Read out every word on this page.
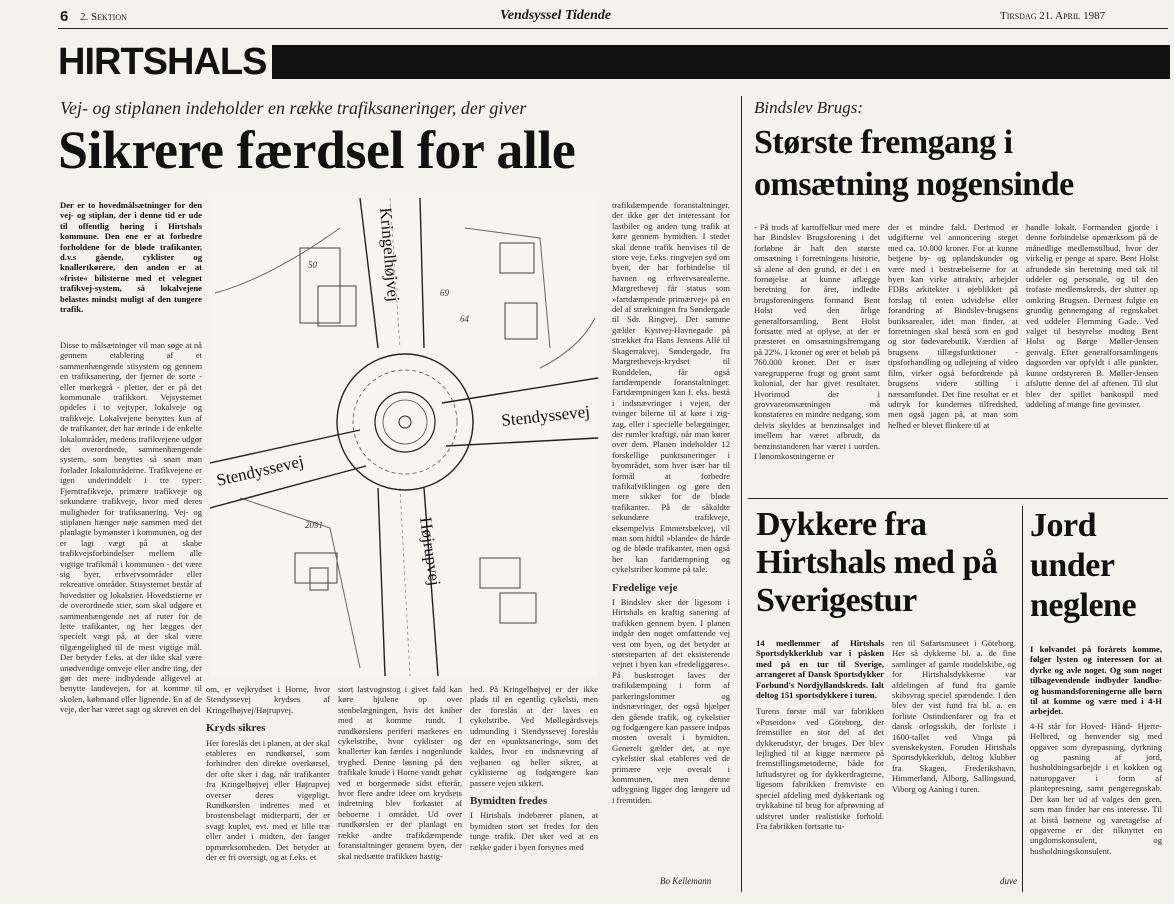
6 2. Sektion	Vendsyssel Tidende	Tirsdag 21. April 1987
HIRTSHALS
Vej- og stiplanen indeholder en række trafiksaneringer, der giver
Sikrere færdsel for alle
Der er to hovedmålsætninger for den vej- og stiplan, der i denne tid er ude til offentlig høring i Hirtshals kommune. Den ene er at forbedre forholdene for de bløde trafikanter, d.v.s gående, cyklister og knallertkørere, den anden er at »friste« bilisterne med et velegnet trafikvej-system, så lokalvejene belastes mindst muligt af den tungere trafik.
Disse to målsætninger vil man søge at nå gennem etablering af et sammenhængende stisystem og gennem en trafiksanering, der fjerner de sorte - eller mørkegrå - pletter, der er på det kommunale trafikkort. Vejsystemet opdeles i to vejtyper, lokalveje og trafikveje. Lokalvejene benyttes kun af de trafikanter, der har ærinde i de enkelte lokalområder, medens trafikvejene udgør det overordnede, sammenhængende system, som benyttes så snart man forlader lokalområderne. Trafikvejene er igen underinddelt i tre typer: Fjerntrafikveje, primære trafikveje og sekundære trafikveje, hvor med deres muligheder for trafiksanering. Vej- og stiplanen hænger nøje sammen med det planlagte bymønster i kommunen, og der er lagt vægt på at skabe trafikvejsforbindelser mellem alle vigtige trafikmål i kommunen - det være sig byer, erhvervsområder eller rekreative områder. Stisystemet består af hovedstier og lokalstier. Hovedstierne er de overordnede stier, som skal udgøre et sammenhængende net af ruter for de lette trafikanter, og her lægges der specielt vægt på, at der skal være tilgængelighed til de mest vigtige mål. Der betyder f.eks. at der ikke skal være unødvendige omveje eller andre ting, der gør det mere indbydende alligevel at benytte landevejen, for at komme til skolen, købmand eller lignende. En af de veje, der har været sagt og skrevet en del
Kringelhøjvej
Højrupvej
Stendyssevej
Stendyssevej
50
69
64
2091
om, er vejkrydset i Horne, hvor Stendyssevej krydses af Kringelhøjvej/Højrupvej.
Kryds sikres
Her foreslås det i planen, at der skal etableres en rundkørsel, som forhindrer den direkte overkørsel, der ofte sker i dag, når trafikanter fra Kringelhøjvej eller Højrupvej overser deres vigepligt. Rundkørslen indrettes med et brostensbelagt midterparti, der er svagt kuplet, evt. med et lille træ eller andet i midten, der fanger opmærksomheden. Det betyder at der er fri oversigt, og at f.eks. et
stort lastvognstog i givet fald kan køre hjulene op over stenbelægningen, hvis det kniber med at komme rundt. I rundkørslens periferi markeres en cykelstribe, hvor cyklister og knallerter kan færdes i nogenlunde tryghed. Denne løsning på den trafikale knude i Horne vandt gehør ved et borgermøde sidst efterår, hvor flere andre ideer om krydsets indretning blev forkastet af beboerne i området. Ud over rundkørslen er der planlagt en række andre trafikdæmpende foranstaltninger gennem byen, der skal nedsætte trafikken hastig-
hed. På Kringelhøjvej er der ikke plads til en egentlig cykelsti, men der foreslås at der laves en cykelstribe. Ved Møllegårdsvejs udmunding i Stendyssevej foreslås der en »punktsanering«, som det kaldes, hvor en indsnævring af vejbanen og heller sikrer, at cyklisterne og fodgængere kan passere vejen sikkert.
Bymidten fredes
I Hirtshals indebærer planen, at bymidten stort set fredes for den tunge trafik. Det sker ved at en række gader i byen forsynes med
trafikdæmpende foranstaltninger, der ikke gør det interessant for lastbiler og anden tung trafik at køre gennem bymidten. I stedet skal denne trafik henvises til de store veje, f.eks. ringvejen syd om byen, der har forbindelse til havnen og erhvervsarealerne. Margrethevej får status som »fartdæmpende primærvej« på en del af strækningen fra Søndergade til Sdr. Ringvej. Det samme gælder Kystvej-Havnegade på strækket fra Hans Jensens Allé til Skagerrakvej. Søndergade, fra Margrethevejs-krydset til Runddelen, får også fartdæmpende foranstaltninger. Fartdæmpningen kan f. eks. bestå i indsnævringer i vejen, der tvinger bilerne til at køre i zig-zag, eller i specielle belægninger, der rumler kraftigt, når man kører over dem. Planen indeholder 12 forskellige punktsaneringer i byområdet, som hver især har til formål at forbedre trafikafviklingen og gøre den mere sikker for de bløde trafikanter. På de såkaldte sekundære trafikveje, eksempelvis Emmersbækvej, vil man som hidtil »blande« de hårde og de bløde trafikanter, men også her kan fartdæmpning og cykelstriber komme på tale.
Fredelige veje
I Bindslev sker der ligesom i Hirtshals en kraftig sanering af trafikken gennem byen. I planen indgår den noget omfattende vej vest om byen, og det betyder at størsteparten af det eksisterende vejnet i byen kan »fredeliggøres«. På buskstroget laves der trafikdæmpning i form af parkeringslommer og indsnævringer, der også hjælper den gående trafik, og cykelstier og fodgængere kan passere indpas mosten overalt i bymidten. Generelt gælder det, at nye cykelstier skal etableres ved de primære veje overalt i kommunen, men denne udbygning ligger dog længere ud i fremtiden.
Bo Kellemann
Bindslev Brugs:
Største fremgang i omsætning nogensinde
- På trods af kartoffelkur med mere har Bindslev Brugsforening i det forløbne år haft den største omsætning i forretningens historie, så alene af den grund, er det i en fornøjelse at kunne aflægge beretning for året, indledte brugsforeningens formand Bent Holst ved den årlige generalforsamling. Bent Holst fortsatte med at oplyse, at der er præsteret en omsætningsfremgang på 22%. I kroner og ører et beløb på 760.000 kroner. Det er især varegrupperne frugt og grønt samt kolonial, der har givet resultatet. Hvorimod der i grovvareomsætningen må konstateres en mindre nedgang, som delvis skyldes at benzinsalget ind imellem har været afbrudt, da benzinstanderen har været i uorden. I lønomkostningerne er
der et mindre fald. Derimod er udgifterne vel annoncering steget med ca. 10.000 kroner. For at kunne betjene by- og oplandskunder og være med i bestræbelserne for at byen kan virke attraktiv, arbejder FDBs arkitekter i øjeblikket på forslag til enten udvidelse eller forandring af Bindslev-brugsens butiksarealer, idet man finder, at forretningen skal bestå som en god og stor fødevarebutik. Værdien af brugsens tillægsfunktioner - tipsforhandling og udlejning af video film, virker også befordrende på brugsens videre stilling i nærsamfundet. Det fine resultat er et udtryk for kundernes tilfredshed, men også jagen på, at man som helhed er blevet flinkere til at
handle lokalt. Formanden gjorde i denne forbindelse opmærksom på de månedlige medlemstilbud, hvor der virkelig er penge at spare. Bent Holst afrundede sin beretning med tak til uddeler og personale, og til den trofaste medlemskreds, der slutter op omkring Brugsen. Dernæst fulgte en grundig gennemgang af regnskabet ved uddeler Flemming Gade. Ved valget til bestyrelse modtog Bent Holst og Børge Møller-Jensen genvalg. Efter generalforsamlingens dagsorden var opfyldt i alle punkter, kunne ordstyreren B. Møller-Jensen afslutte denne del af aftenen. Til slut blev der spillet bankospil med uddeling af mange fine gevinster.
Dykkere fra Hirtshals med på Sverigestur
14 medlemmer af Hirtshals Sportsdykkerklub var i påsken med på en tur til Sverige, arrangeret af Dansk Sportsdykker Forbund's Nordjyllandskreds. Ialt deltog 151 sportsdykkere i turen.
Turens første mål var fabrikken »Poseidon« ved Göteborg, der fremstiller en stor del af det dykkerudstyr, der bruges. Der blev lejlighed til at kigge nærmere på fremstillingsmetoderne, både for luftudstyret og for dykkerdragterne, ligesom fabrikken fremviste en speciel afdeling med dykkertank og trykkabine til brug for afprøvning af udstyret under realistiske forhold. Fra fabrikken fortsatte tu-
ren til Søfartsmuseet i Göteborg. Her så dykkerne bl. a. de fine samlinger af gamle modelskibe, og for Hirtshalsdykkerne var afdelingen af fund fra gamle skibsvrag speciel spændende. I den blev der vist fund fra bl. a. en forliste Ostindienfarer og fra et dansk orlogsskib, der forliste i 1600-tallet ved Vinga på svenskekysten. Foruden Hirtshals Sportsdykkerklub, deltog klubber fra Skagen, Frederikshavn, Himmerland, Ålborg, Sallingsund, Viborg og Aaning i turen.
duve
Jord under neglene
I kølvandet på forårets komme, følger lysten og interessen for at dyrke og avle noget. Og som noget tilbagevendende indbyder landbo- og husmandsforeningerne alle børn til at komme og være med i 4-H arbejdet.
4-H står for Hoved- Hånd- Hjerte- Helbred, og henvender sig med opgaver som dyrepasning, dyrkning og pasning af jord, husholdningsarbejde i et køkken og naturopgaver i form af plantepresning, samt pengeregnskab. Der kan her ud af valges den gren, som man finder har ens interesse. Til at bistå børnene og varetagelse af opgaverne er der tilknyttet en ungdomskonsulent, og husholdningskonsulent.
